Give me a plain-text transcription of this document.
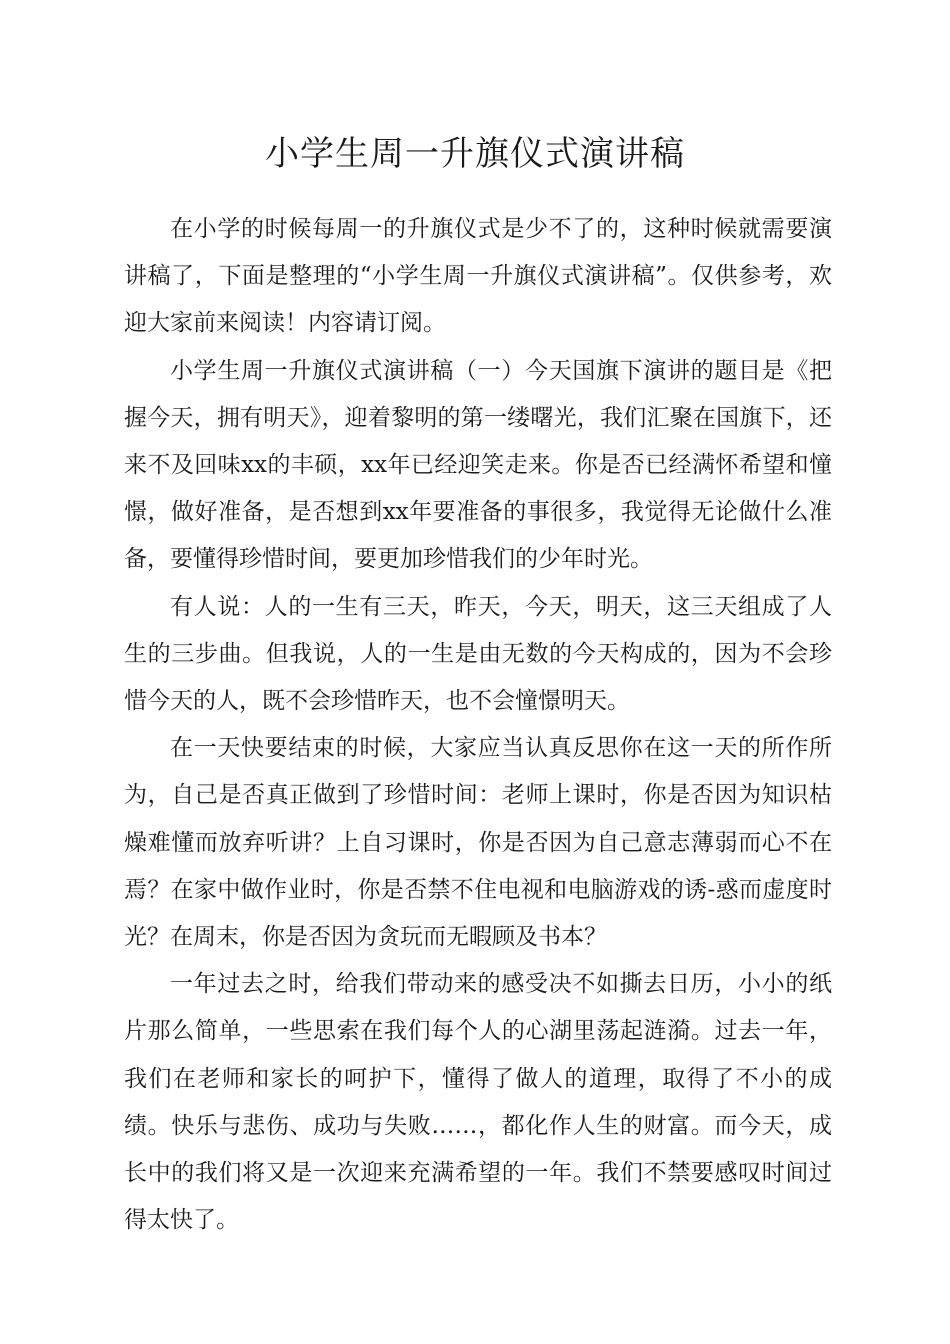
小学生周一升旗仪式演讲稿

在小学的时候每周一的升旗仪式是少不了的，这种时候就需要演讲稿了，下面是整理的“小学生周一升旗仪式演讲稿”。仅供参考，欢迎大家前来阅读！内容请订阅。

小学生周一升旗仪式演讲稿（一）今天国旗下演讲的题目是《把握今天，拥有明天》，迎着黎明的第一缕曙光，我们汇聚在国旗下，还来不及回味xx的丰硕，xx年已经迎笑走来。你是否已经满怀希望和憧憬，做好准备，是否想到xx年要准备的事很多，我觉得无论做什么准备，要懂得珍惜时间，要更加珍惜我们的少年时光。

有人说：人的一生有三天，昨天，今天，明天，这三天组成了人生的三步曲。但我说，人的一生是由无数的今天构成的，因为不会珍惜今天的人，既不会珍惜昨天，也不会憧憬明天。

在一天快要结束的时候，大家应当认真反思你在这一天的所作所为，自己是否真正做到了珍惜时间：老师上课时，你是否因为知识枯燥难懂而放弃听讲？上自习课时，你是否因为自己意志薄弱而心不在焉？在家中做作业时，你是否禁不住电视和电脑游戏的诱-惑而虚度时光？在周末，你是否因为贪玩而无暇顾及书本？

一年过去之时，给我们带动来的感受决不如撕去日历，小小的纸片那么简单，一些思索在我们每个人的心湖里荡起涟漪。过去一年，我们在老师和家长的呵护下，懂得了做人的道理，取得了不小的成绩。快乐与悲伤、成功与失败……，都化作人生的财富。而今天，成长中的我们将又是一次迎来充满希望的一年。我们不禁要感叹时间过得太快了。
